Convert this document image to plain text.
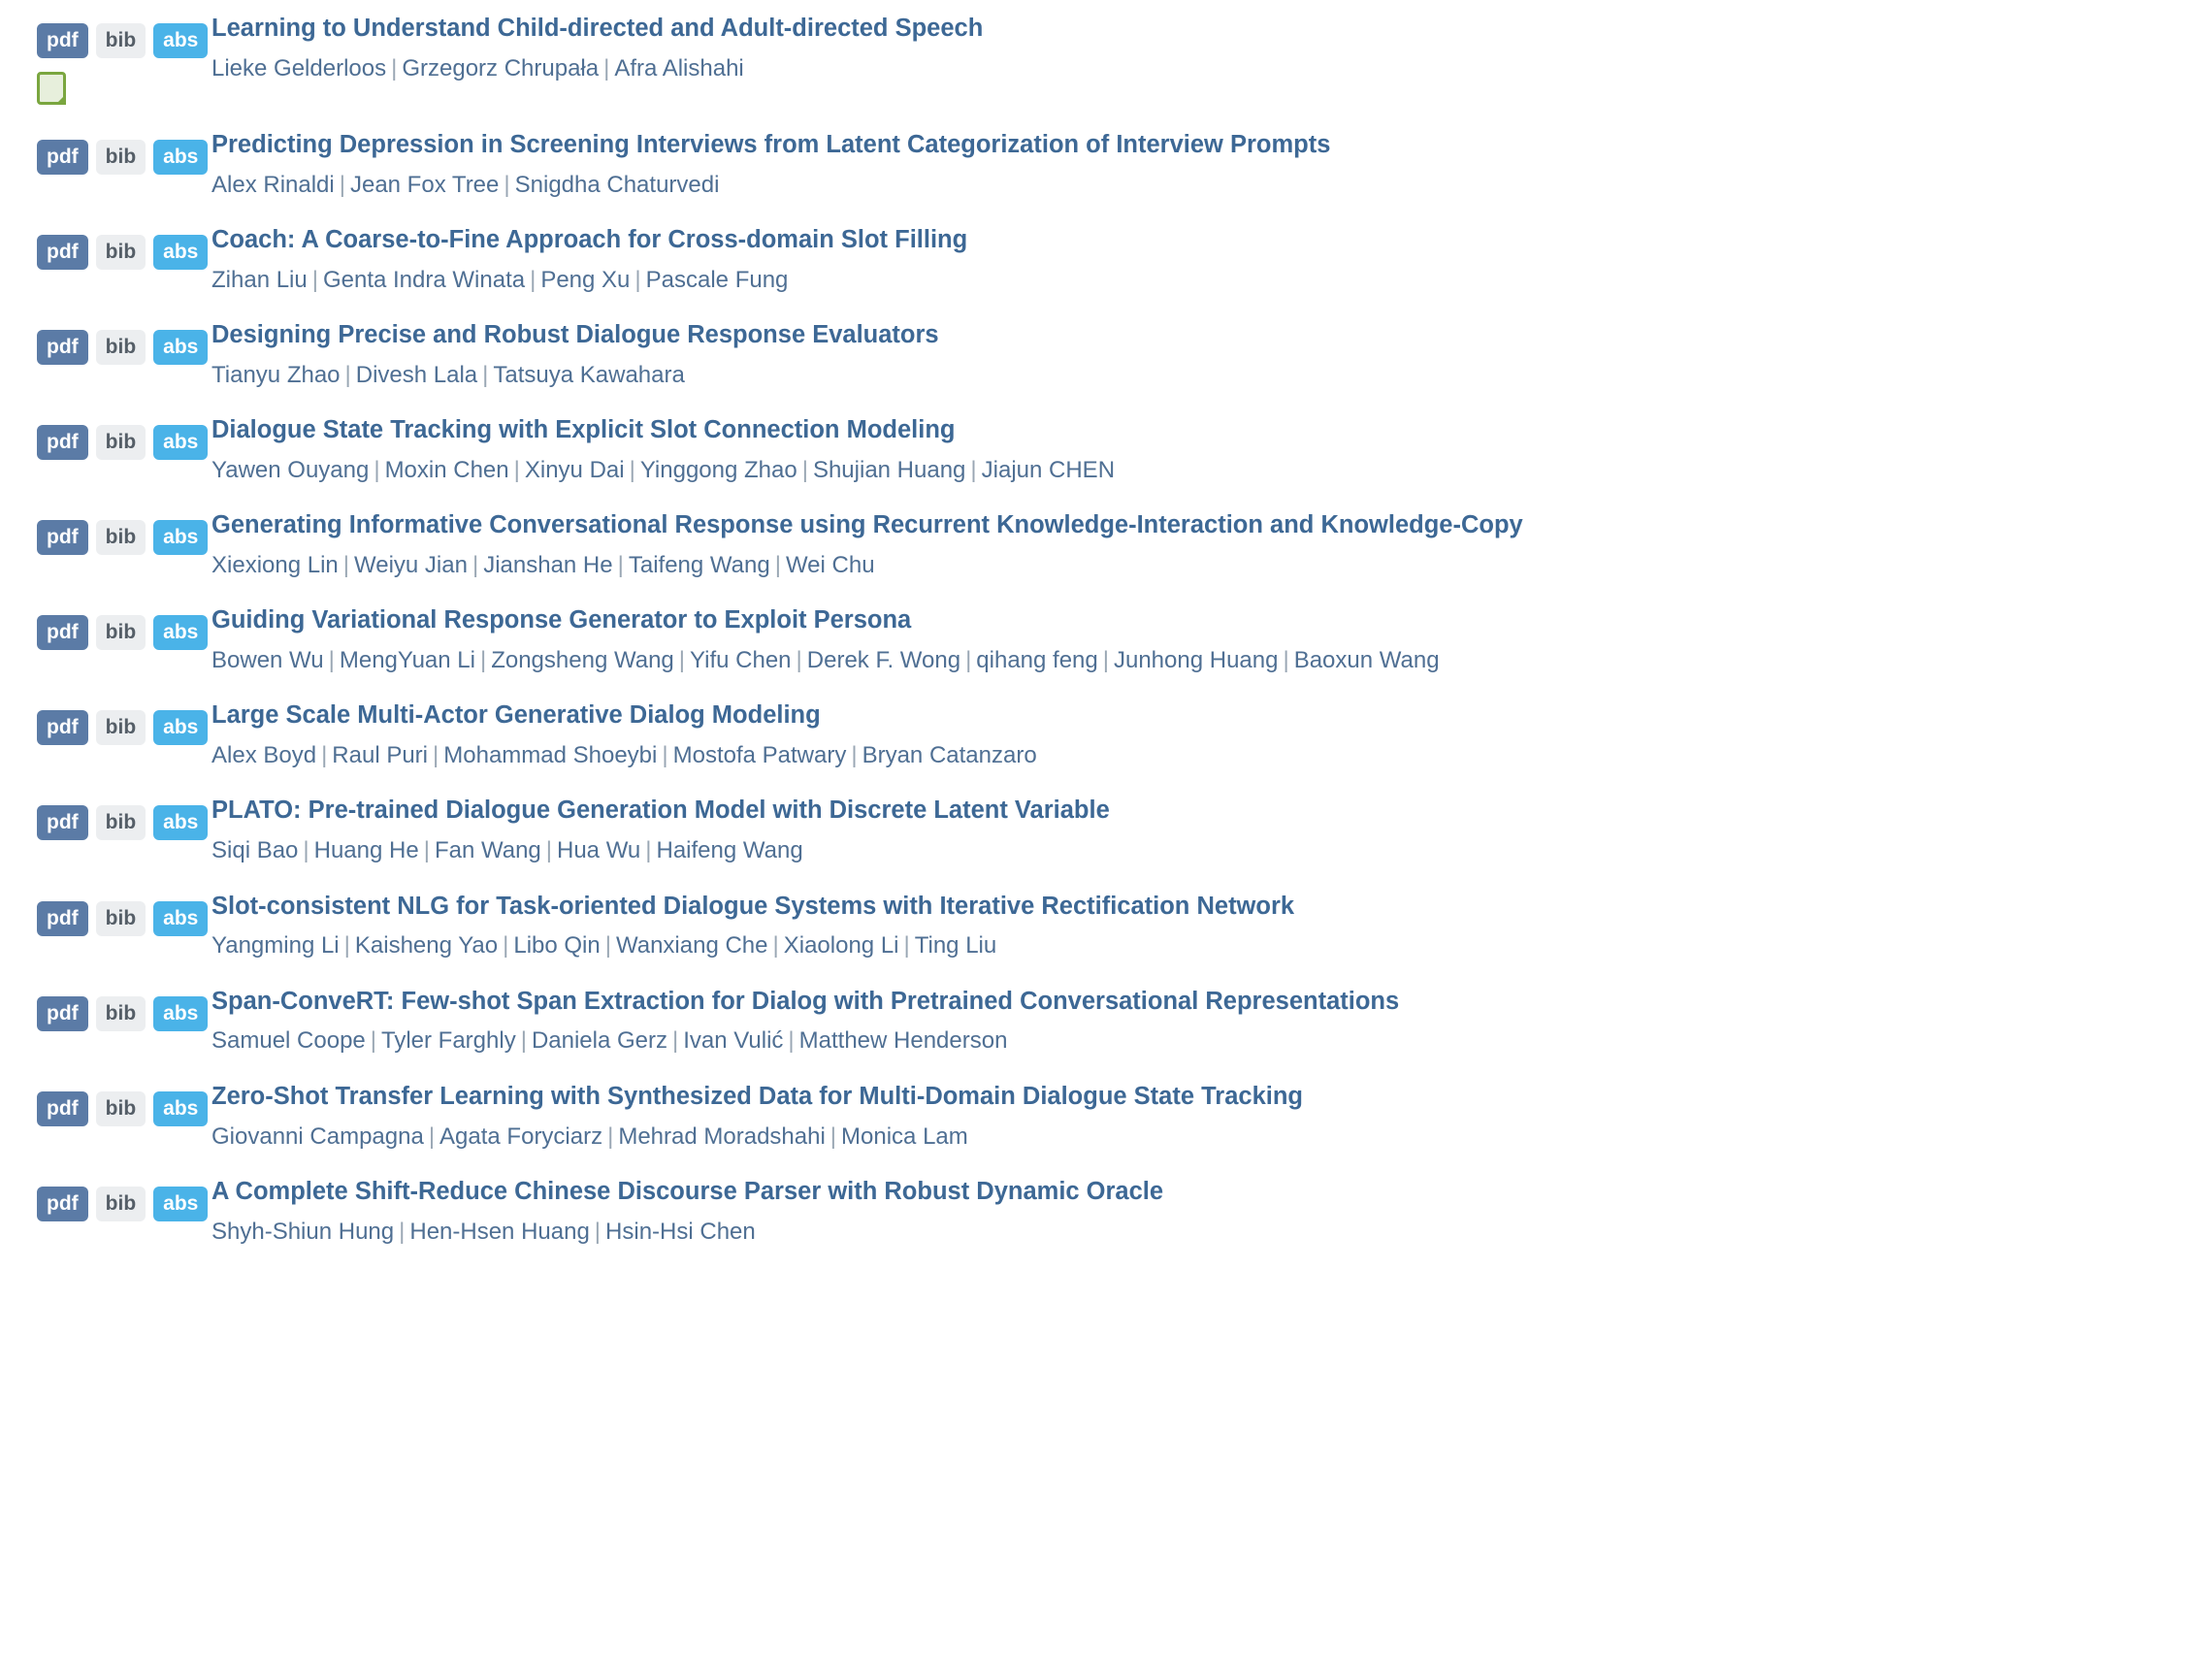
pdf	bib	abs Learning to Understand Child-directed and Adult-directed Speech
Lieke Gelderloos | Grzegorz Chrupała | Afra Alishahi
pdf	bib	abs Predicting Depression in Screening Interviews from Latent Categorization of Interview Prompts
Alex Rinaldi | Jean Fox Tree | Snigdha Chaturvedi
pdf	bib	abs Coach: A Coarse-to-Fine Approach for Cross-domain Slot Filling
Zihan Liu | Genta Indra Winata | Peng Xu | Pascale Fung
pdf	bib	abs Designing Precise and Robust Dialogue Response Evaluators
Tianyu Zhao | Divesh Lala | Tatsuya Kawahara
pdf	bib	abs Dialogue State Tracking with Explicit Slot Connection Modeling
Yawen Ouyang | Moxin Chen | Xinyu Dai | Yinggong Zhao | Shujian Huang | Jiajun CHEN
pdf	bib	abs Generating Informative Conversational Response using Recurrent Knowledge-Interaction and Knowledge-Copy
Xiexiong Lin | Weiyu Jian | Jianshan He | Taifeng Wang | Wei Chu
pdf	bib	abs Guiding Variational Response Generator to Exploit Persona
Bowen Wu | MengYuan Li | Zongsheng Wang | Yifu Chen | Derek F. Wong | qihang feng | Junhong Huang | Baoxun Wang
pdf	bib	abs Large Scale Multi-Actor Generative Dialog Modeling
Alex Boyd | Raul Puri | Mohammad Shoeybi | Mostofa Patwary | Bryan Catanzaro
pdf	bib	abs PLATO: Pre-trained Dialogue Generation Model with Discrete Latent Variable
Siqi Bao | Huang He | Fan Wang | Hua Wu | Haifeng Wang
pdf	bib	abs Slot-consistent NLG for Task-oriented Dialogue Systems with Iterative Rectification Network
Yangming Li | Kaisheng Yao | Libo Qin | Wanxiang Che | Xiaolong Li | Ting Liu
pdf	bib	abs Span-ConveRT: Few-shot Span Extraction for Dialog with Pretrained Conversational Representations
Samuel Coope | Tyler Farghly | Daniela Gerz | Ivan Vulić | Matthew Henderson
pdf	bib	abs Zero-Shot Transfer Learning with Synthesized Data for Multi-Domain Dialogue State Tracking
Giovanni Campagna | Agata Foryciarz | Mehrad Moradshahi | Monica Lam
pdf	bib	abs A Complete Shift-Reduce Chinese Discourse Parser with Robust Dynamic Oracle
Shyh-Shiun Hung | Hen-Hsen Huang | Hsin-Hsi Chen
